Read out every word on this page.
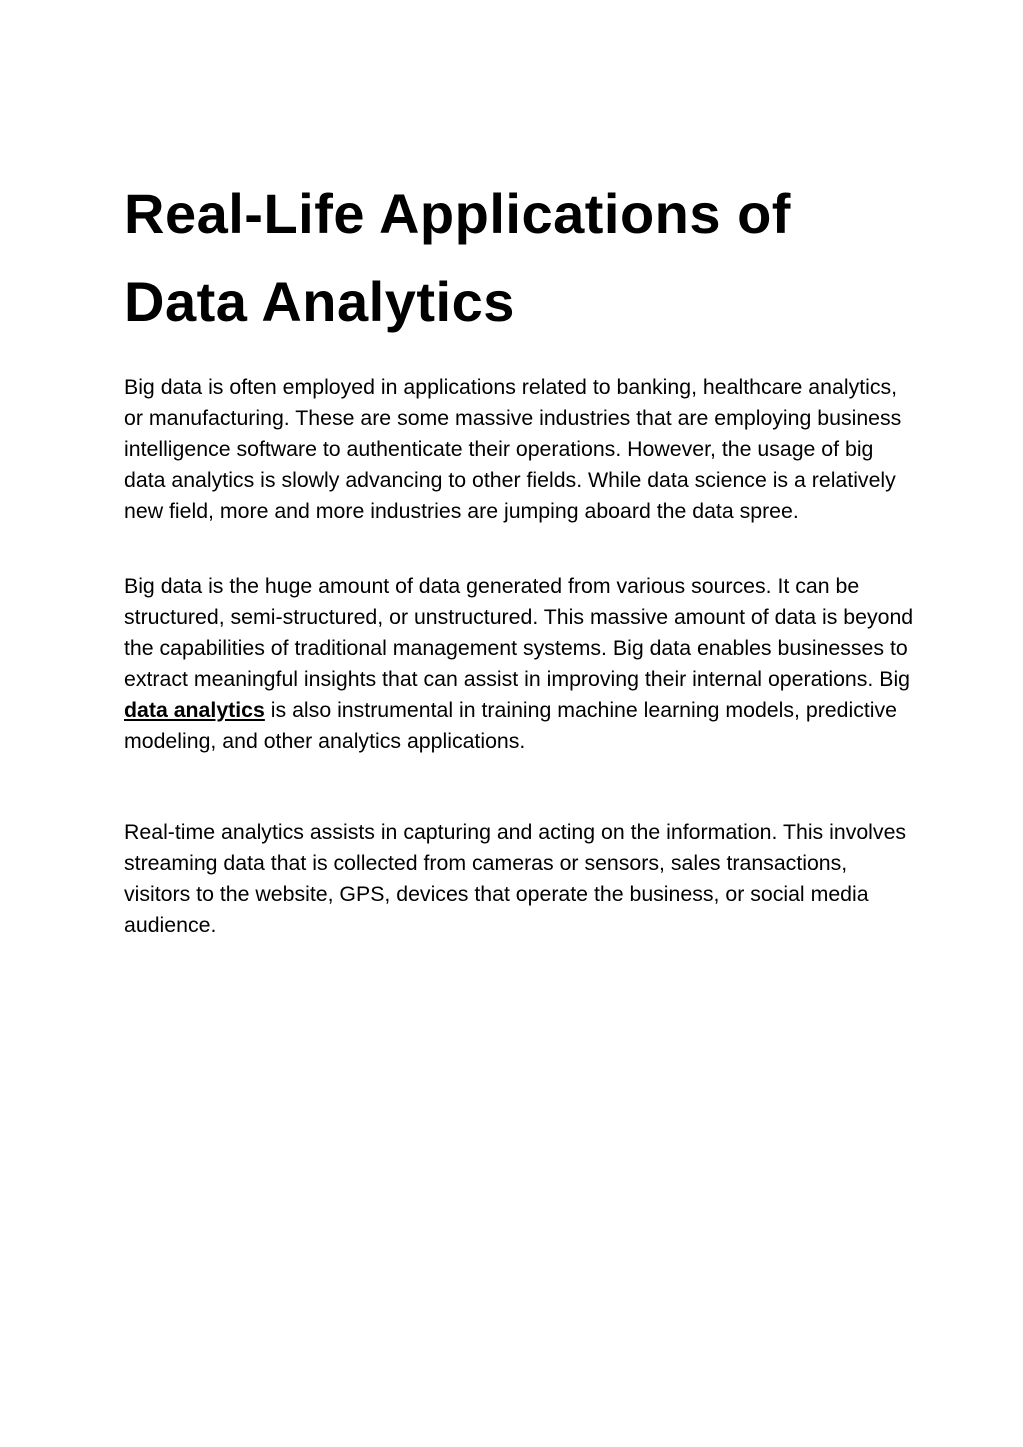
Real-Life Applications of Data Analytics

Big data is often employed in applications related to banking, healthcare analytics, or manufacturing. These are some massive industries that are employing business intelligence software to authenticate their operations. However, the usage of big data analytics is slowly advancing to other fields. While data science is a relatively new field, more and more industries are jumping aboard the data spree.

Big data is the huge amount of data generated from various sources. It can be structured, semi-structured, or unstructured. This massive amount of data is beyond the capabilities of traditional management systems. Big data enables businesses to extract meaningful insights that can assist in improving their internal operations. Big data analytics is also instrumental in training machine learning models, predictive modeling, and other analytics applications.

Real-time analytics assists in capturing and acting on the information. This involves streaming data that is collected from cameras or sensors, sales transactions, visitors to the website, GPS, devices that operate the business, or social media audience.
